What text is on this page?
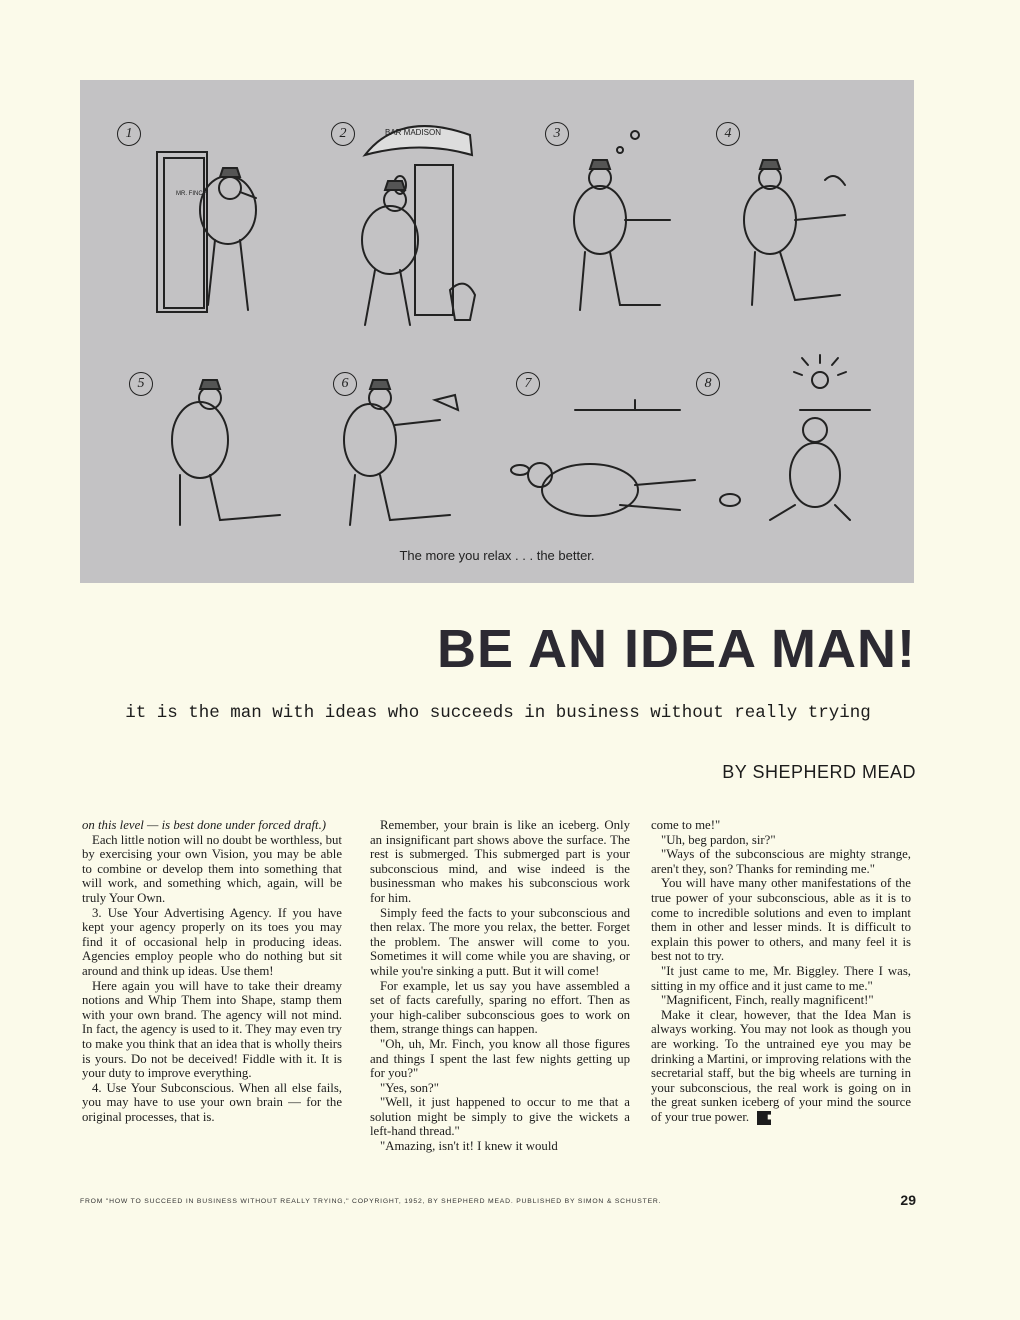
MR. FINCH
BAR MADISON
1	2	3	4
5	6	7	8
The more you relax . . . the better.
BE AN IDEA MAN!
it is the man with ideas who succeeds in business without really trying
BY SHEPHERD MEAD

on this level — is best done under forced draft.)

Each little notion will no doubt be worthless, but by exercising your own Vision, you may be able to combine or develop them into something that will work, and something which, again, will be truly Your Own.

3. Use Your Advertising Agency. If you have kept your agency properly on its toes you may find it of occasional help in producing ideas. Agencies employ people who do nothing but sit around and think up ideas. Use them!

Here again you will have to take their dreamy notions and Whip Them into Shape, stamp them with your own brand. The agency will not mind. In fact, the agency is used to it. They may even try to make you think that an idea that is wholly theirs is yours. Do not be deceived! Fiddle with it. It is your duty to improve everything.

4. Use Your Subconscious. When all else fails, you may have to use your own brain — for the original processes, that is.

Remember, your brain is like an iceberg. Only an insignificant part shows above the surface. The rest is submerged. This submerged part is your subconscious mind, and wise indeed is the businessman who makes his subconscious work for him.

Simply feed the facts to your subconscious and then relax. The more you relax, the better. Forget the problem. The answer will come to you. Sometimes it will come while you are shaving, or while you're sinking a putt. But it will come!

For example, let us say you have assembled a set of facts carefully, sparing no effort. Then as your high-caliber subconscious goes to work on them, strange things can happen.

"Oh, uh, Mr. Finch, you know all those figures and things I spent the last few nights getting up for you?"

"Yes, son?"

"Well, it just happened to occur to me that a solution might be simply to give the wickets a left-hand thread."

"Amazing, isn't it! I knew it would

come to me!"

"Uh, beg pardon, sir?"

"Ways of the subconscious are mighty strange, aren't they, son? Thanks for reminding me."

You will have many other manifestations of the true power of your subconscious, able as it is to come to incredible solutions and even to implant them in other and lesser minds. It is difficult to explain this power to others, and many feel it is best not to try.

"It just came to me, Mr. Biggley. There I was, sitting in my office and it just came to me."

"Magnificent, Finch, really magnificent!"

Make it clear, however, that the Idea Man is always working. You may not look as though you are working. To the untrained eye you may be drinking a Martini, or improving relations with the secretarial staff, but the big wheels are turning in your subconscious, the real work is going on in the great sunken iceberg of your mind the source of your true power. ■

FROM "HOW TO SUCCEED IN BUSINESS WITHOUT REALLY TRYING," COPYRIGHT, 1952, BY SHEPHERD MEAD. PUBLISHED BY SIMON & SCHUSTER.	29
